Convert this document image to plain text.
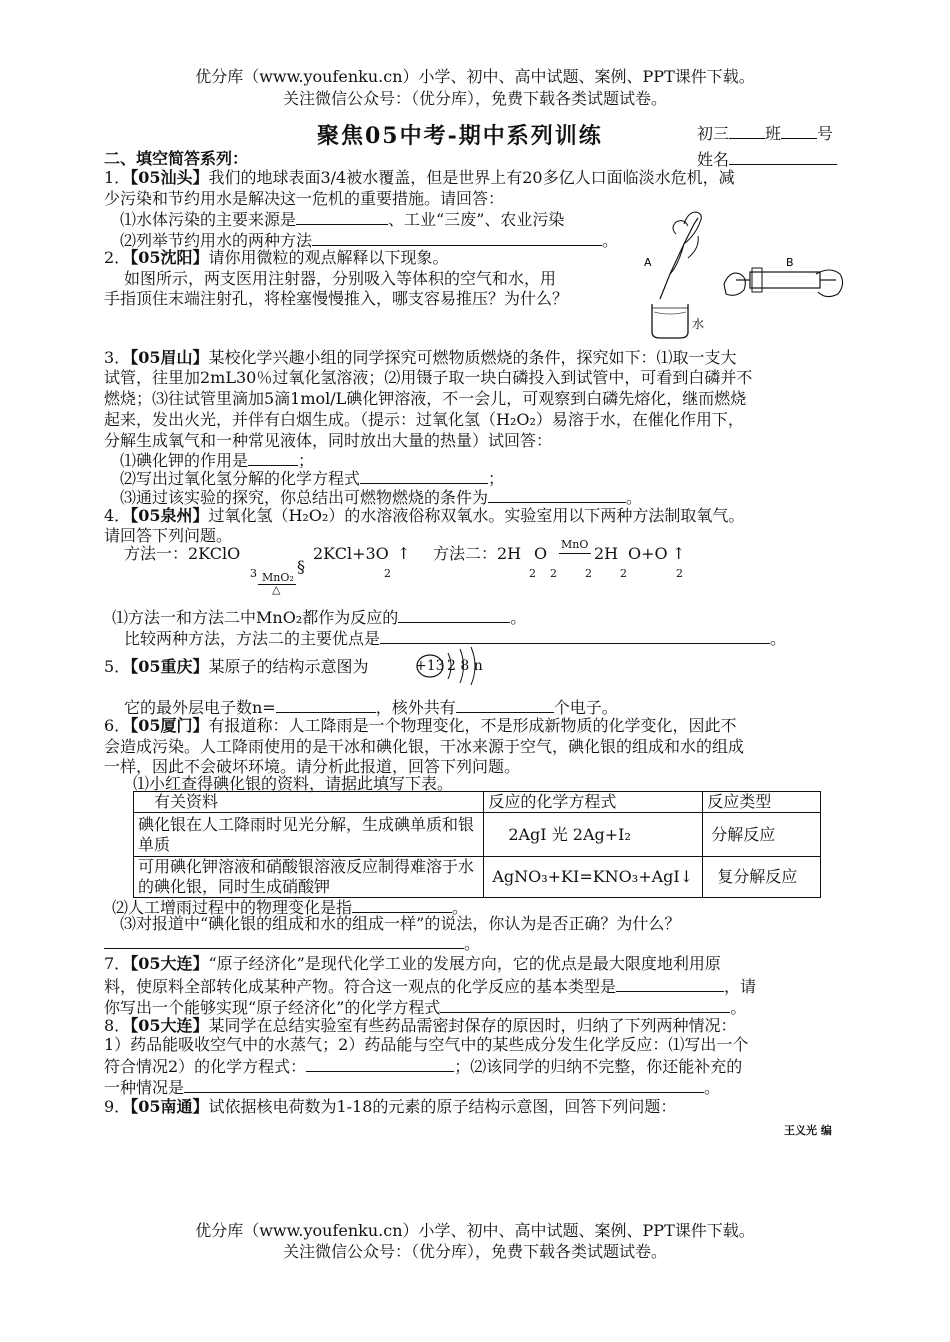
优分库（www.youfenku.cn）小学、初中、高中试题、案例、PPT课件下载。
关注微信公众号：（优分库），免费下载各类试题试卷。
聚焦05中考-期中系列训练	初三 班 号
姓名
二、填空简答系列：
1．【05汕头】我们的地球表面3/4被水覆盖，但是世界上有20多亿人口面临淡水危机，减
少污染和节约用水是解决这一危机的重要措施。请回答：
⑴水体污染的主要来源是	、工业“三废”、农业污染
⑵列举节约用水的两种方法	。
2．【05沈阳】请你用微粒的观点解释以下现象。
如图所示，两支医用注射器，分别吸入等体积的空气和水，用
手指顶住末端注射孔，将栓塞慢慢推入，哪支容易推压？为什么？
A
水
B
3．【05眉山】某校化学兴趣小组的同学探究可燃物质燃烧的条件，探究如下：⑴取一支大
试管，往里加2mL30％过氧化氢溶液；⑵用镊子取一块白磷投入到试管中，可看到白磷并不
燃烧；⑶往试管里滴加5滴1mol/L碘化钾溶液，不一会儿，可观察到白磷先熔化，继而燃烧
起来，发出火光，并伴有白烟生成。（提示：过氧化氢（H₂O₂）易溶于水，在催化作用下，
分解生成氧气和一种常见液体，同时放出大量的热量）试回答：
⑴碘化钾的作用是	；
⑵写出过氧化氢分解的化学方程式	；
⑶通过该实验的探究，你总结出可燃物燃烧的条件为	。
4．【05泉州】过氧化氢（H₂O₂）的水溶液俗称双氧水。实验室用以下两种方法制取氧气。
请回答下列问题。
方法一：2KClO
3 MnO₂
△
§
2KCl+3O
2
↑ 方法二：2H O
2    2
MnO
2
2H O+O
2              2
↑
⑴方法一和方法二中MnO₂都作为反应的	。
比较两种方法，方法二的主要优点是	。
5．【05重庆】某原子的结构示意图为	+13 2 8 n
它的最外层电子数n=	，核外共有	个电子。
6．【05厦门】有报道称：人工降雨是一个物理变化，不是形成新物质的化学变化，因此不
会造成污染。人工降雨使用的是干冰和碘化银，干冰来源于空气，碘化银的组成和水的组成
一样，因此不会破坏环境。请分析此报道，回答下列问题。
⑴小红查得碘化银的资料，请据此填写下表。
有关资料	反应的化学方程式	反应类型
碘化银在人工降雨时见光分解，生成碘单质和银单质	2AgI 光 2Ag+I₂	分解反应
可用碘化钾溶液和硝酸银溶液反应制得难溶于水的碘化银，同时生成硝酸钾	AgNO₃+KI=KNO₃+AgI↓	复分解反应
⑵人工增雨过程中的物理变化是指	。
⑶对报道中“碘化银的组成和水的组成一样”的说法，你认为是否正确？为什么？
。
7．【05大连】“原子经济化”是现代化学工业的发展方向，它的优点是最大限度地利用原
料，使原料全部转化成某种产物。符合这一观点的化学反应的基本类型是	，请
你写出一个能够实现“原子经济化”的化学方程式	。
8．【05大连】某同学在总结实验室有些药品需密封保存的原因时，归纳了下列两种情况：
1）药品能吸收空气中的水蒸气；2）药品能与空气中的某些成分发生化学反应：⑴写出一个
符合情况2）的化学方程式：	；⑵该同学的归纳不完整，你还能补充的
一种情况是	。
9．【05南通】试依据核电荷数为1-18的元素的原子结构示意图，回答下列问题：
王义光 编
优分库（www.youfenku.cn）小学、初中、高中试题、案例、PPT课件下载。
关注微信公众号：（优分库），免费下载各类试题试卷。
